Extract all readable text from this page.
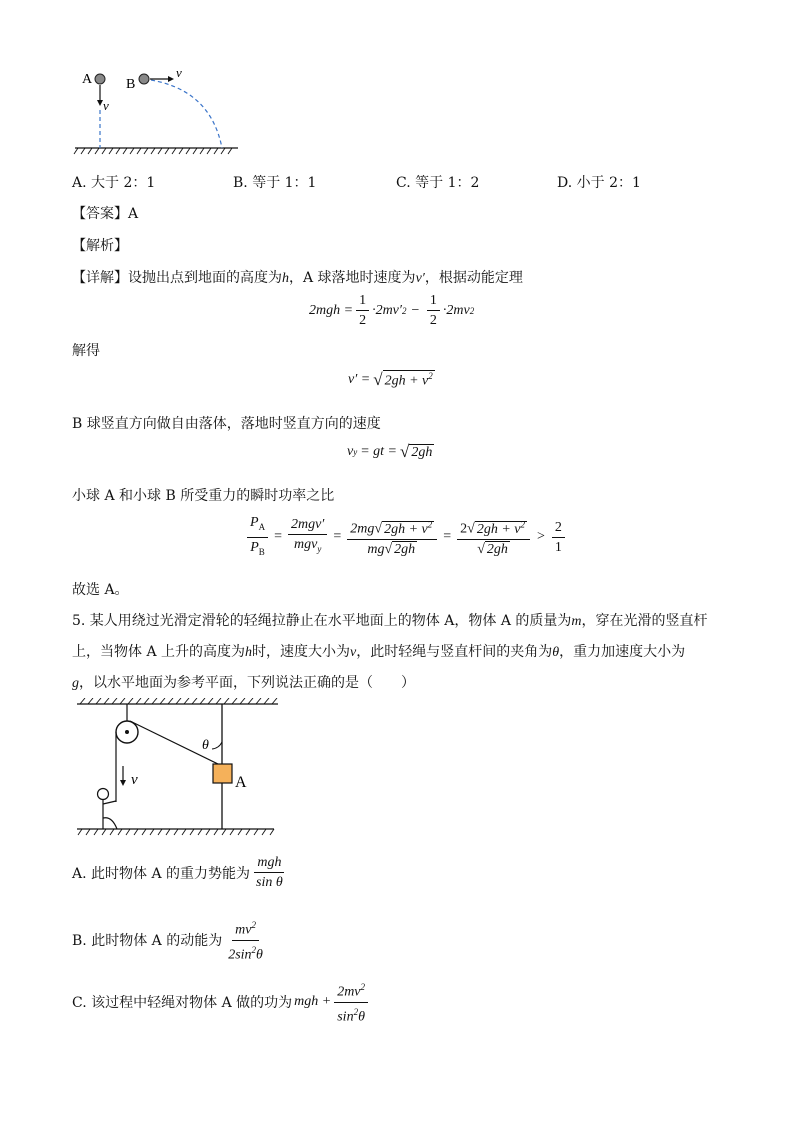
A B
v
v
A. 大于 2：1	B. 等于 1：1	C. 等于 1：2	D. 小于 2：1
【答案】A
【解析】
【详解】设抛出点到地面的高度为h，A 球落地时速度为v′，根据动能定理
$2mgh = \frac{1}{2} \cdot 2mv'$ $2 - \frac{1}{2} \cdot 2mv$ 2
解得
v′ = √ $2gh + v^2$
B 球竖直方向做自由落体，落地时竖直方向的速度
v y = gt = √ 2gh
小球 A 和小球 B 所受重力的瞬时功率之比
$\frac{P_A}{P_B} = \frac{\text{2mgv′}}{mgv_y} = \frac{2mg√ 2gh + v^2}{mg√ 2gh} = \frac{2√ 2gh + v^2}{√ 2gh} > \frac{2}{1}$
故选 A。
5. 某人用绕过光滑定滑轮的轻绳拉静止在水平地面上的物体 A，物体 A 的质量为m，穿在光滑的竖直杆
上，当物体 A 上升的高度为h时，速度大小为v，此时轻绳与竖直杆间的夹角为θ，重力加速度大小为
g，以水平地面为参考平面，下列说法正确的是（　　）
θ
v	A
A. 此时物体 A 的重力势能为 $\frac{\text{mgh}}{\text{sin θ}}$
B. 此时物体 A 的动能为 $\frac{mv^2}{2\sin^2\theta}$
C. 该过程中轻绳对物体 A 做的功为 mgh + $\frac{2mv^2}{\sin^2\theta}$
